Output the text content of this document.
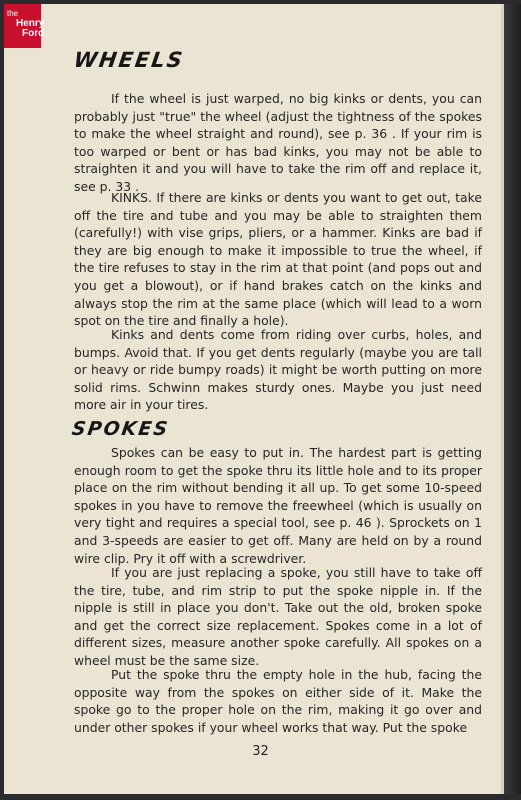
the
Henry
Ford
WHEELS

If the wheel is just warped, no big kinks or dents, you can probably just "true" the wheel (adjust the tightness of the spokes to make the wheel straight and round), see p. 36 . If your rim is too warped or bent or has bad kinks, you may not be able to straighten it and you will have to take the rim off and replace it, see p. 33 .

KINKS. If there are kinks or dents you want to get out, take off the tire and tube and you may be able to straighten them (carefully!) with vise grips, pliers, or a hammer. Kinks are bad if they are big enough to make it impossible to true the wheel, if the tire refuses to stay in the rim at that point (and pops out and you get a blowout), or if hand brakes catch on the kinks and always stop the rim at the same place (which will lead to a worn spot on the tire and finally a hole).

Kinks and dents come from riding over curbs, holes, and bumps. Avoid that. If you get dents regularly (maybe you are tall or heavy or ride bumpy roads) it might be worth putting on more solid rims. Schwinn makes sturdy ones. Maybe you just need more air in your tires.

SPOKES

Spokes can be easy to put in. The hardest part is getting enough room to get the spoke thru its little hole and to its proper place on the rim without bending it all up. To get some 10-speed spokes in you have to remove the freewheel (which is usually on very tight and requires a special tool, see p. 46 ). Sprockets on 1 and 3-speeds are easier to get off. Many are held on by a round wire clip. Pry it off with a screwdriver.

If you are just replacing a spoke, you still have to take off the tire, tube, and rim strip to put the spoke nipple in. If the nipple is still in place you don't. Take out the old, broken spoke and get the correct size replacement. Spokes come in a lot of different sizes, measure another spoke carefully. All spokes on a wheel must be the same size.

Put the spoke thru the empty hole in the hub, facing the opposite way from the spokes on either side of it. Make the spoke go to the proper hole on the rim, making it go over and under other spokes if your wheel works that way. Put the spoke

32
